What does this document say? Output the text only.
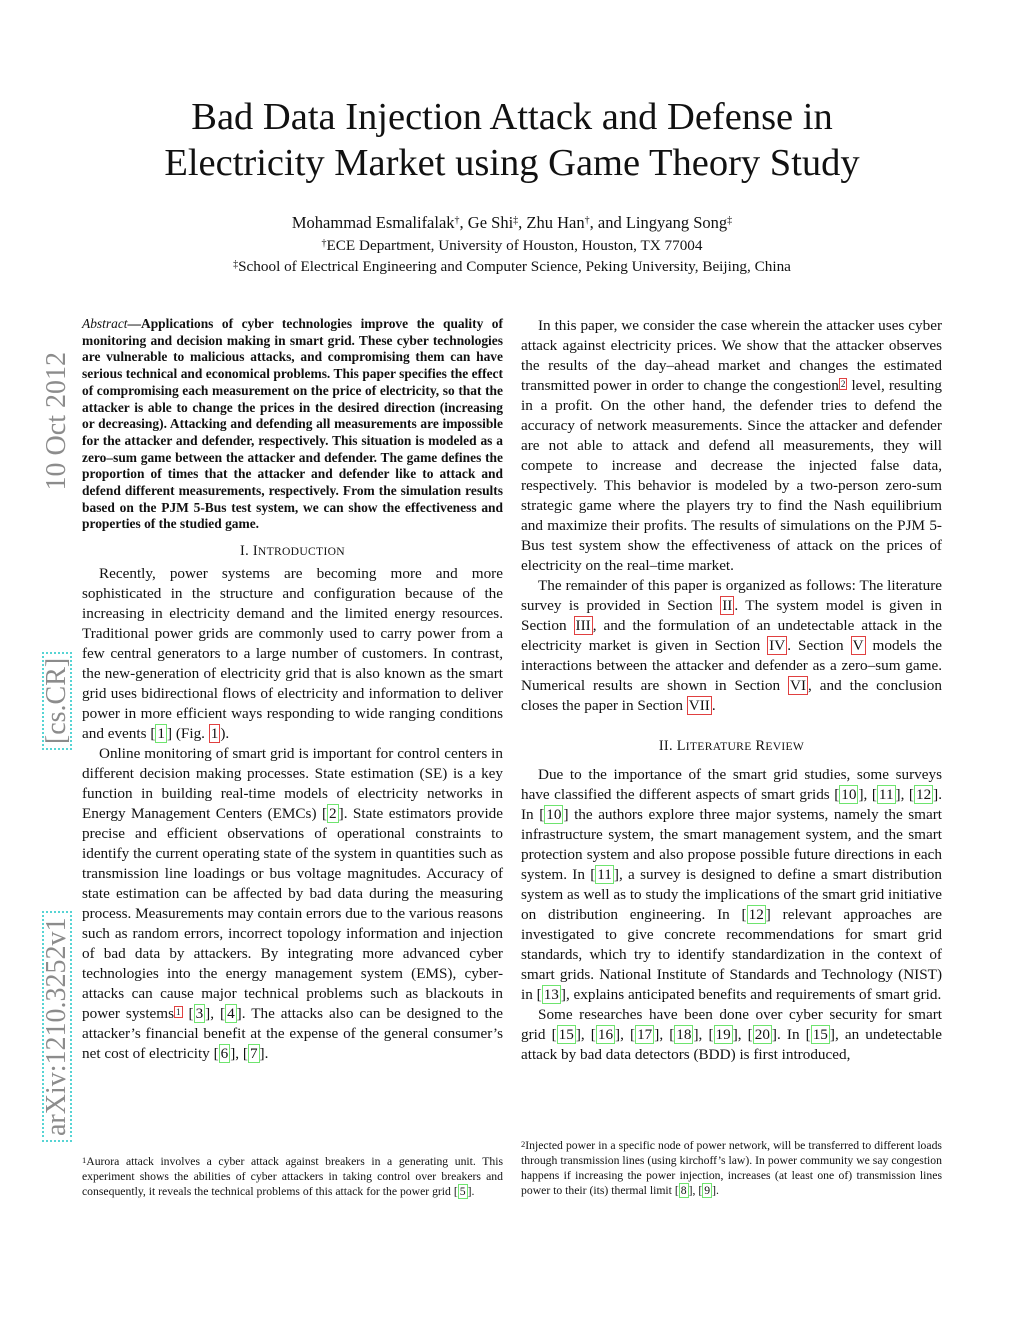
Bad Data Injection Attack and Defense in
Electricity Market using Game Theory Study
Mohammad Esmalifalak†, Ge Shi‡, Zhu Han†, and Lingyang Song‡
†ECE Department, University of Houston, Houston, TX 77004
‡School of Electrical Engineering and Computer Science, Peking University, Beijing, China
arXiv:1210.3252v1
[cs.CR]
10 Oct 2012

Abstract—Applications of cyber technologies improve the quality of monitoring and decision making in smart grid. These cyber technologies are vulnerable to malicious attacks, and compromising them can have serious technical and economical problems. This paper specifies the effect of compromising each measurement on the price of electricity, so that the attacker is able to change the prices in the desired direction (increasing or decreasing). Attacking and defending all measurements are impossible for the attacker and defender, respectively. This situation is modeled as a zero–sum game between the attacker and defender. The game defines the proportion of times that the attacker and defender like to attack and defend different measurements, respectively. From the simulation results based on the PJM 5-Bus test system, we can show the effectiveness and properties of the studied game.

I. INTRODUCTION

Recently, power systems are becoming more and more sophisticated in the structure and configuration because of the increasing in electricity demand and the limited energy resources. Traditional power grids are commonly used to carry power from a few central generators to a large number of customers. In contrast, the new-generation of electricity grid that is also known as the smart grid uses bidirectional flows of electricity and information to deliver power in more efficient ways responding to wide ranging conditions and events [ 1 ] (Fig. 1 ).

Online monitoring of smart grid is important for control centers in different decision making processes. State estimation (SE) is a key function in building real-time models of electricity networks in Energy Management Centers (EMCs) [ 2 ]. State estimators provide precise and efficient observations of operational constraints to identify the current operating state of the system in quantities such as transmission line loadings or bus voltage magnitudes. Accuracy of state estimation can be affected by bad data during the measuring process. Measurements may contain errors due to the various reasons such as random errors, incorrect topology information and injection of bad data by attackers. By integrating more advanced cyber technologies into the energy management system (EMS), cyber-attacks can cause major technical problems such as blackouts in power systems $^1$ [ 3 ], [ 4 ]. The attacks also can be designed to the attacker’s financial benefit at the expense of the general consumer’s net cost of electricity [ 6 ], [ 7 ].

In this paper, we consider the case wherein the attacker uses cyber attack against electricity prices. We show that the attacker observes the results of the day–ahead market and changes the estimated transmitted power in order to change the congestion $^2$ level, resulting in a profit. On the other hand, the defender tries to defend the accuracy of network measurements. Since the attacker and defender are not able to attack and defend all measurements, they will compete to increase and decrease the injected false data, respectively. This behavior is modeled by a two-person zero-sum strategic game where the players try to find the Nash equilibrium and maximize their profits. The results of simulations on the PJM 5-Bus test system show the effectiveness of attack on the prices of electricity on the real–time market.

The remainder of this paper is organized as follows: The literature survey is provided in Section II . The system model is given in Section III , and the formulation of an undetectable attack in the electricity market is given in Section IV . Section V models the interactions between the attacker and defender as a zero–sum game. Numerical results are shown in Section VI , and the conclusion closes the paper in Section VII .

II. LITERATURE REVIEW

Due to the importance of the smart grid studies, some surveys have classified the different aspects of smart grids [ 10 ], [ 11 ], [ 12 ]. In [ 10 ] the authors explore three major systems, namely the smart infrastructure system, the smart management system, and the smart protection system and also propose possible future directions in each system. In [ 11 ], a survey is designed to define a smart distribution system as well as to study the implications of the smart grid initiative on distribution engineering. In [ 12 ] relevant approaches are investigated to give concrete recommendations for smart grid standards, which try to identify standardization in the context of smart grids. National Institute of Standards and Technology (NIST) in [ 13 ], explains anticipated benefits and requirements of smart grid.

Some researches have been done over cyber security for smart grid [ 15 ], [ 16 ], [ 17 ], [ 18 ], [ 19 ], [ 20 ]. In [ 15 ], an undetectable attack by bad data detectors (BDD) is first introduced,

$^1$Aurora attack involves a cyber attack against breakers in a generating unit. This experiment shows the abilities of cyber attackers in taking control over breakers and consequently, it reveals the technical problems of this attack for the power grid [ 5 ].
$^2$Injected power in a specific node of power network, will be transferred to different loads through transmission lines (using kirchoff’s law). In power community we say congestion happens if increasing the power injection, increases (at least one of) transmission lines power to their (its) thermal limit [ 8 ], [ 9 ].
